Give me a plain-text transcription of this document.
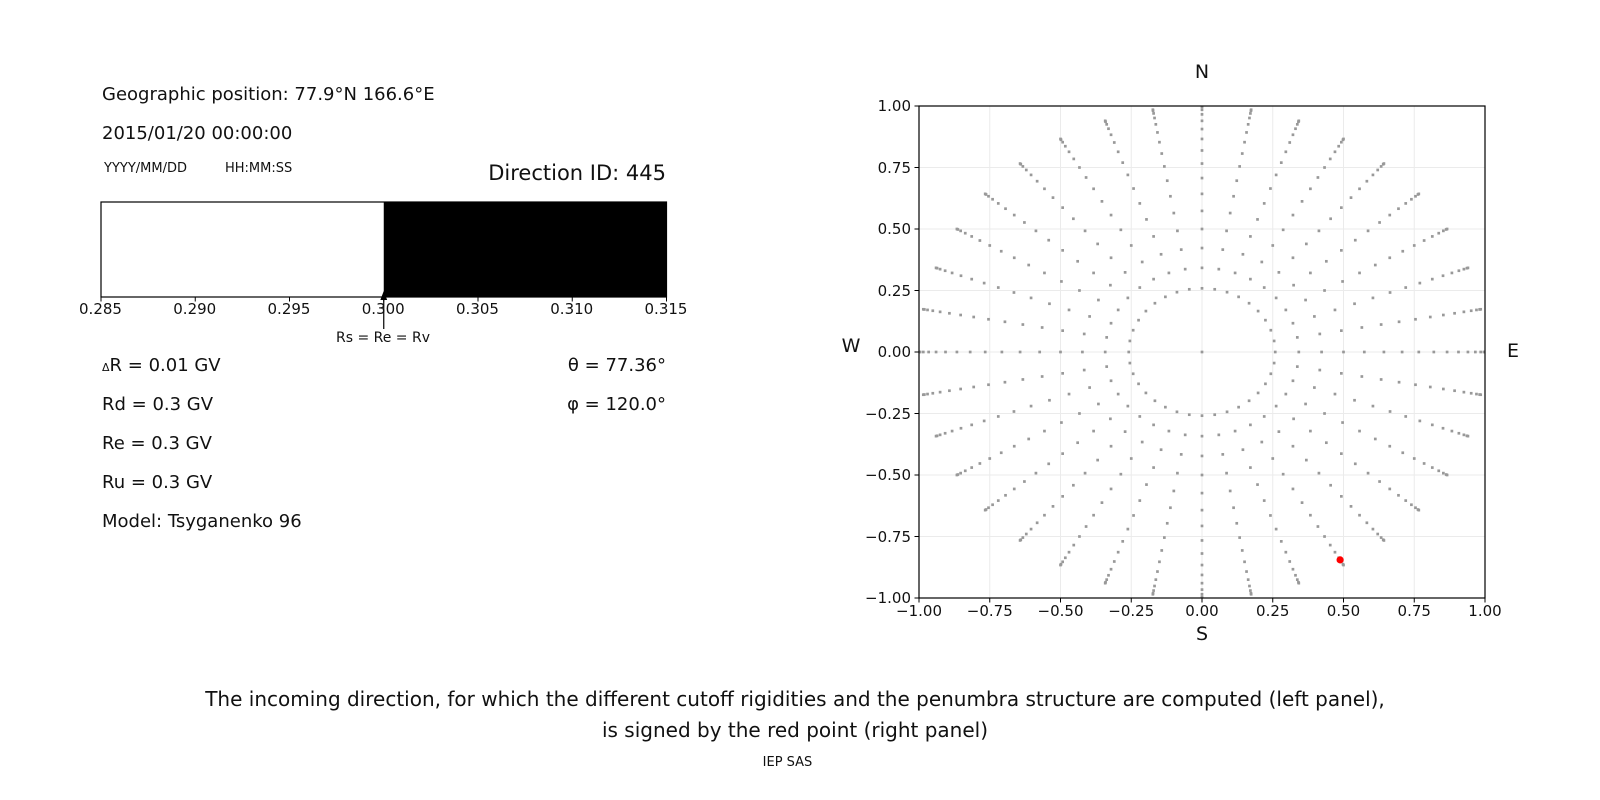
Geographic position: 77.9°N 166.6°E
2015/01/20 00:00:00
YYYY/MM/DD	HH:MM:SS	Direction ID: 445
0.285	0.290	0.295	0.300	0.305	0.310	0.315
Rs = Re = Rv
ΔR = 0.01 GV
Rd = 0.3 GV
Re = 0.3 GV
Ru = 0.3 GV
Model: Tsyganenko 96
θ = 77.36°
φ = 120.0°
−1.00	−0.75	−0.50	−0.25	0.00	0.25	0.50	0.75	1.00
1.00
0.75
0.50
0.25
0.00
−0.25
−0.50
−0.75
−1.00
N
S
W	E
The incoming direction, for which the different cutoff rigidities and the penumbra structure are computed (left panel),
is signed by the red point (right panel)
IEP SAS
